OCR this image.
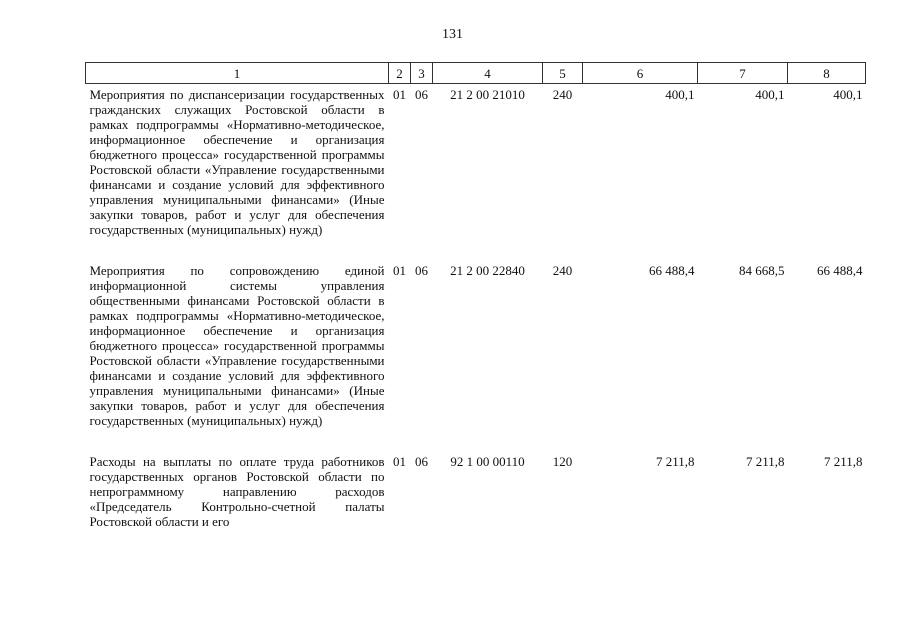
131
1	2	3	4	5	6	7	8
Мероприятия по диспансеризации государственных гражданских служащих Ростовской области в рамках подпрограммы «Нормативно-методическое, информационное обеспечение и организация бюджетного процесса» государственной программы Ростовской области «Управление государственными финансами и создание условий для эффективного управления муниципальными финансами» (Иные закупки товаров, работ и услуг для обеспечения государственных (муниципальных) нужд)	01	06	21 2 00 21010	240	400,1	400,1	400,1
Мероприятия по сопровождению единой информационной системы управления общественными финансами Ростовской области в рамках подпрограммы «Нормативно-методическое, информационное обеспечение и организация бюджетного процесса» государственной программы Ростовской области «Управление государственными финансами и создание условий для эффективного управления муниципальными финансами» (Иные закупки товаров, работ и услуг для обеспечения государственных (муниципальных) нужд)	01	06	21 2 00 22840	240	66 488,4	84 668,5	66 488,4
Расходы на выплаты по оплате труда работников государственных органов Ростовской области по непрограммному направлению расходов «Председатель Контрольно-счетной палаты Ростовской области и его	01	06	92 1 00 00110	120	7 211,8	7 211,8	7 211,8
